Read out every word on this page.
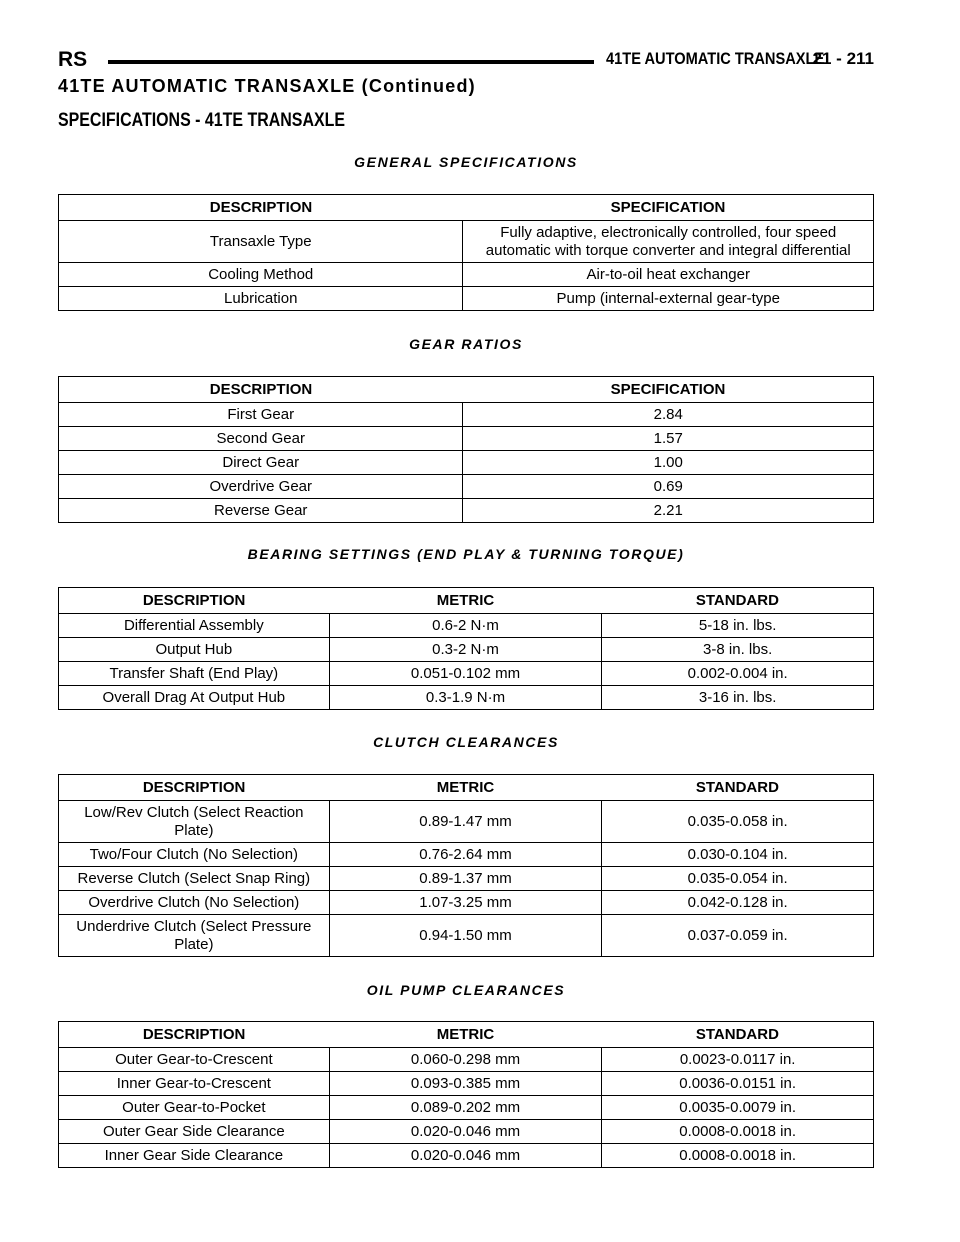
RS	41TE AUTOMATIC TRANSAXLE
21 - 211
41TE AUTOMATIC TRANSAXLE (Continued)
SPECIFICATIONS - 41TE TRANSAXLE
GENERAL SPECIFICATIONS
DESCRIPTION	SPECIFICATION
Transaxle Type	Fully adaptive, electronically controlled, four speed automatic with torque converter and integral differential
Cooling Method	Air-to-oil heat exchanger
Lubrication	Pump (internal-external gear-type
GEAR RATIOS
DESCRIPTION	SPECIFICATION
First Gear	2.84
Second Gear	1.57
Direct Gear	1.00
Overdrive Gear	0.69
Reverse Gear	2.21
BEARING SETTINGS (END PLAY & TURNING TORQUE)
DESCRIPTION	METRIC	STANDARD
Differential Assembly	0.6-2 N·m	5-18 in. lbs.
Output Hub	0.3-2 N·m	3-8 in. lbs.
Transfer Shaft (End Play)	0.051-0.102 mm	0.002-0.004 in.
Overall Drag At Output Hub	0.3-1.9 N·m	3-16 in. lbs.
CLUTCH CLEARANCES
DESCRIPTION	METRIC	STANDARD
Low/Rev Clutch (Select Reaction Plate)	0.89-1.47 mm	0.035-0.058 in.
Two/Four Clutch (No Selection)	0.76-2.64 mm	0.030-0.104 in.
Reverse Clutch (Select Snap Ring)	0.89-1.37 mm	0.035-0.054 in.
Overdrive Clutch (No Selection)	1.07-3.25 mm	0.042-0.128 in.
Underdrive Clutch (Select Pressure Plate)	0.94-1.50 mm	0.037-0.059 in.
OIL PUMP CLEARANCES
DESCRIPTION	METRIC	STANDARD
Outer Gear-to-Crescent	0.060-0.298 mm	0.0023-0.0117 in.
Inner Gear-to-Crescent	0.093-0.385 mm	0.0036-0.0151 in.
Outer Gear-to-Pocket	0.089-0.202 mm	0.0035-0.0079 in.
Outer Gear Side Clearance	0.020-0.046 mm	0.0008-0.0018 in.
Inner Gear Side Clearance	0.020-0.046 mm	0.0008-0.0018 in.
